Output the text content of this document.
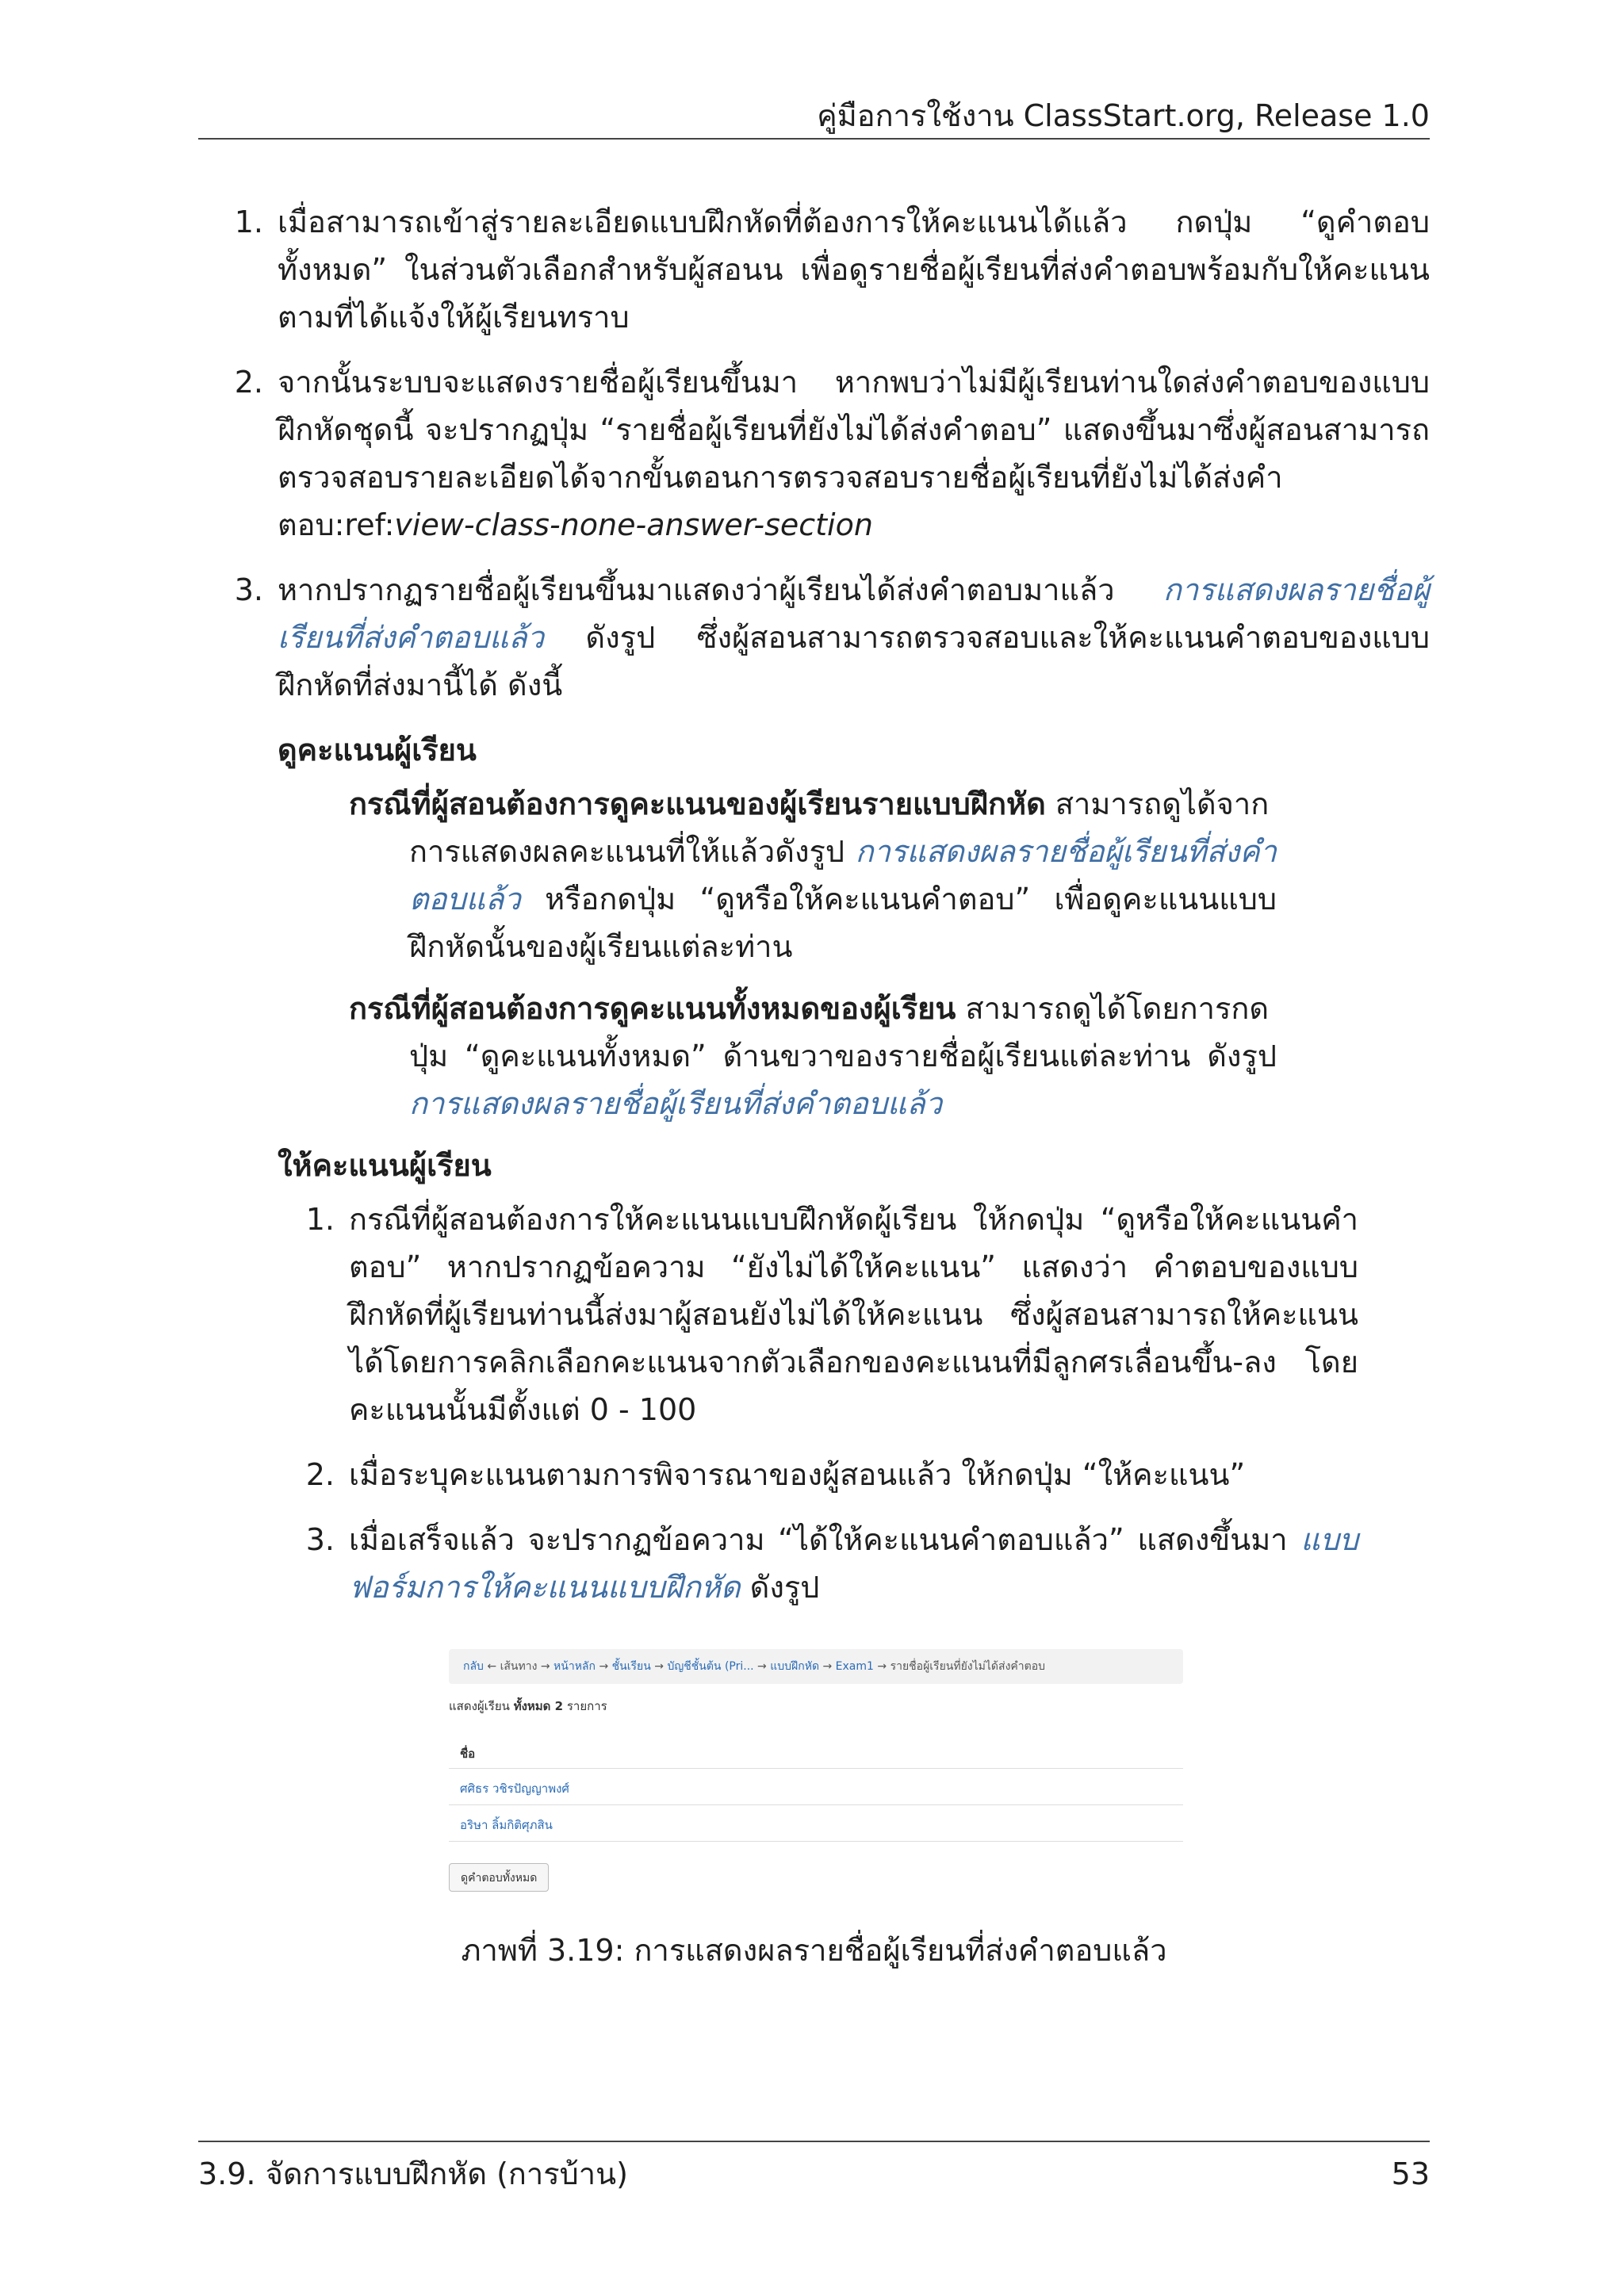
คู่มือการใช้งาน ClassStart.org, Release 1.0
1. เมื่อสามารถเข้าสู่รายละเอียดแบบฝึกหัดที่ต้องการให้คะแนนได้แล้ว กดปุ่ม “ดูคำตอบทั้งหมด” ในส่วนตัวเลือกสำหรับผู้สอนน เพื่อดูรายชื่อผู้เรียนที่ส่งคำตอบพร้อมกับให้คะแนนตามที่ได้แจ้งให้ผู้เรียนทราบ
2. จากนั้นระบบจะแสดงรายชื่อผู้เรียนขึ้นมา หากพบว่าไม่มีผู้เรียนท่านใดส่งคำตอบของแบบฝึกหัดชุดนี้ จะปรากฏปุ่ม “รายชื่อผู้เรียนที่ยังไม่ได้ส่งคำตอบ” แสดงขึ้นมาซึ่งผู้สอนสามารถตรวจสอบรายละเอียดได้จากขั้นตอนการตรวจสอบรายชื่อผู้เรียนที่ยังไม่ได้ส่งคำตอบ:ref:view-class-none-answer-section
3. หากปรากฏรายชื่อผู้เรียนขึ้นมาแสดงว่าผู้เรียนได้ส่งคำตอบมาแล้ว การแสดงผลรายชื่อผู้เรียนที่ส่งคำตอบแล้ว ดังรูป ซึ่งผู้สอนสามารถตรวจสอบและให้คะแนนคำตอบของแบบฝึกหัดที่ส่งมานี้ได้ ดังนี้
ดูคะแนนผู้เรียน
กรณีที่ผู้สอนต้องการดูคะแนนของผู้เรียนรายแบบฝึกหัด สามารถดูได้จาก
การแสดงผลคะแนนที่ให้แล้วดังรูป การแสดงผลรายชื่อผู้เรียนที่ส่งคำตอบแล้ว หรือกดปุ่ม “ดูหรือให้คะแนนคำตอบ” เพื่อดูคะแนนแบบฝึกหัดนั้นของผู้เรียนแต่ละท่าน
กรณีที่ผู้สอนต้องการดูคะแนนทั้งหมดของผู้เรียน สามารถดูได้โดยการกด
ปุ่ม “ดูคะแนนทั้งหมด” ด้านขวาของรายชื่อผู้เรียนแต่ละท่าน ดังรูป การแสดงผลรายชื่อผู้เรียนที่ส่งคำตอบแล้ว
ให้คะแนนผู้เรียน
1. กรณีที่ผู้สอนต้องการให้คะแนนแบบฝึกหัดผู้เรียน ให้กดปุ่ม “ดูหรือให้คะแนนคำตอบ” หากปรากฏข้อความ “ยังไม่ได้ให้คะแนน” แสดงว่า คำตอบของแบบฝึกหัดที่ผู้เรียนท่านนี้ส่งมาผู้สอนยังไม่ได้ให้คะแนน ซึ่งผู้สอนสามารถให้คะแนนได้โดยการคลิกเลือกคะแนนจากตัวเลือกของคะแนนที่มีลูกศรเลื่อนขึ้น-ลง โดยคะแนนนั้นมีตั้งแต่ 0 - 100
2. เมื่อระบุคะแนนตามการพิจารณาของผู้สอนแล้ว ให้กดปุ่ม “ให้คะแนน”
3. เมื่อเสร็จแล้ว จะปรากฏข้อความ “ได้ให้คะแนนคำตอบแล้ว” แสดงขึ้นมา แบบฟอร์มการให้คะแนนแบบฝึกหัด ดังรูป
กลับ ← เส้นทาง → หน้าหลัก → ชั้นเรียน → บัญชีชั้นต้น (Pri... → แบบฝึกหัด → Exam1 → รายชื่อผู้เรียนที่ยังไม่ได้ส่งคำตอบ
แสดงผู้เรียน ทั้งหมด 2 รายการ
ชื่อ
ศศิธร วชิรปัญญาพงศ์
อริษา ลิ้มกิติศุภสิน
ดูคำตอบทั้งหมด
ภาพที่ 3.19: การแสดงผลรายชื่อผู้เรียนที่ส่งคำตอบแล้ว
3.9. จัดการแบบฝึกหัด (การบ้าน)	53
